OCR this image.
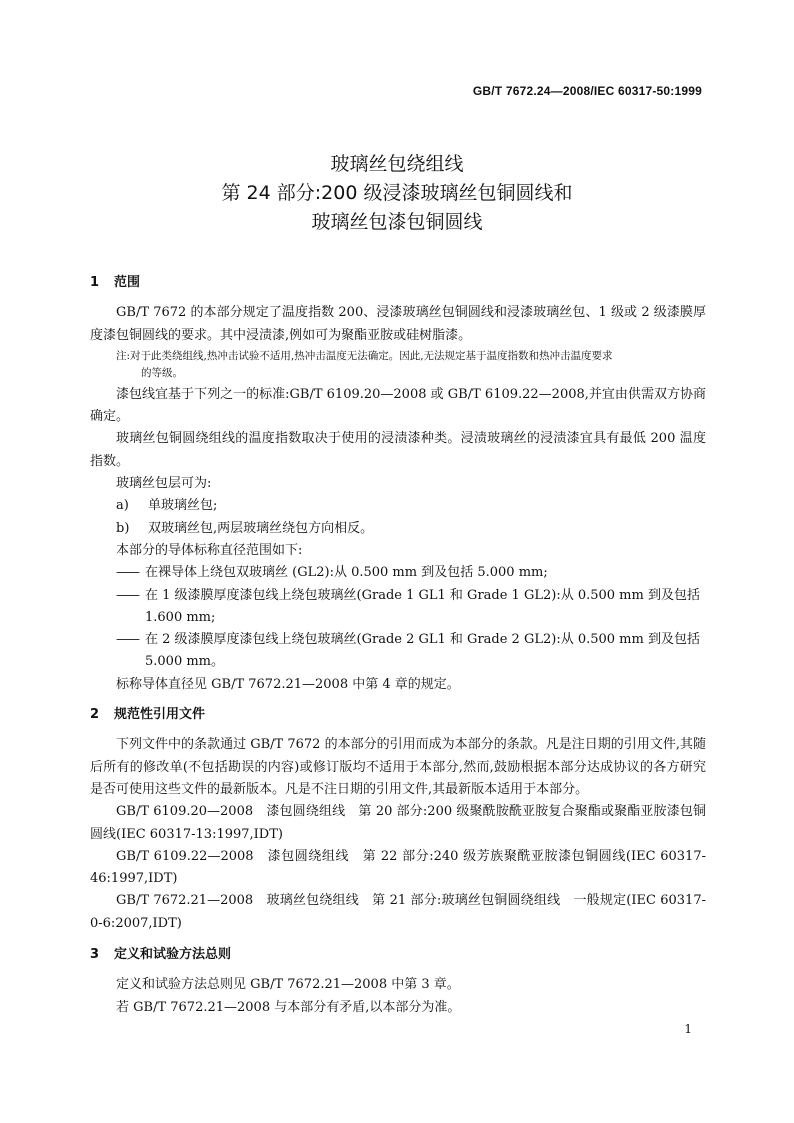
GB/T 7672.24—2008/IEC 60317-50:1999
玻璃丝包绕组线
第 24 部分:200 级浸漆玻璃丝包铜圆线和
玻璃丝包漆包铜圆线
1	范围

GB/T 7672 的本部分规定了温度指数 200、浸漆玻璃丝包铜圆线和浸漆玻璃丝包、1 级或 2 级漆膜厚度漆包铜圆线的要求。其中浸渍漆,例如可为聚酯亚胺或硅树脂漆。

注:对于此类绕组线,热冲击试验不适用,热冲击温度无法确定。因此,无法规定基于温度指数和热冲击温度要求
的等级。

漆包线宜基于下列之一的标准:GB/T 6109.20—2008 或 GB/T 6109.22—2008,并宜由供需双方协商确定。

玻璃丝包铜圆绕组线的温度指数取决于使用的浸渍漆种类。浸渍玻璃丝的浸渍漆宜具有最低 200 温度指数。

玻璃丝包层可为:

a)	单玻璃丝包;
b)	双玻璃丝包,两层玻璃丝绕包方向相反。

本部分的导体标称直径范围如下:

—— 在裸导体上绕包双玻璃丝 (GL2):从 0.500 mm 到及包括 5.000 mm;
—— 在 1 级漆膜厚度漆包线上绕包玻璃丝(Grade 1 GL1 和 Grade 1 GL2):从 0.500 mm 到及包括 1.600 mm;
—— 在 2 级漆膜厚度漆包线上绕包玻璃丝(Grade 2 GL1 和 Grade 2 GL2):从 0.500 mm 到及包括 5.000 mm。

标称导体直径见 GB/T 7672.21—2008 中第 4 章的规定。

2	规范性引用文件

下列文件中的条款通过 GB/T 7672 的本部分的引用而成为本部分的条款。凡是注日期的引用文件,其随后所有的修改单(不包括勘误的内容)或修订版均不适用于本部分,然而,鼓励根据本部分达成协议的各方研究是否可使用这些文件的最新版本。凡是不注日期的引用文件,其最新版本适用于本部分。

GB/T 6109.20—2008　漆包圆绕组线　第 20 部分:200 级聚酰胺酰亚胺复合聚酯或聚酯亚胺漆包铜圆线(IEC 60317-13:1997,IDT)

GB/T 6109.22—2008　漆包圆绕组线　第 22 部分:240 级芳族聚酰亚胺漆包铜圆线(IEC 60317-46:1997,IDT)

GB/T 7672.21—2008　玻璃丝包绕组线　第 21 部分:玻璃丝包铜圆绕组线　一般规定(IEC 60317-0-6:2007,IDT)

3	定义和试验方法总则

定义和试验方法总则见 GB/T 7672.21—2008 中第 3 章。

若 GB/T 7672.21—2008 与本部分有矛盾,以本部分为准。

1
